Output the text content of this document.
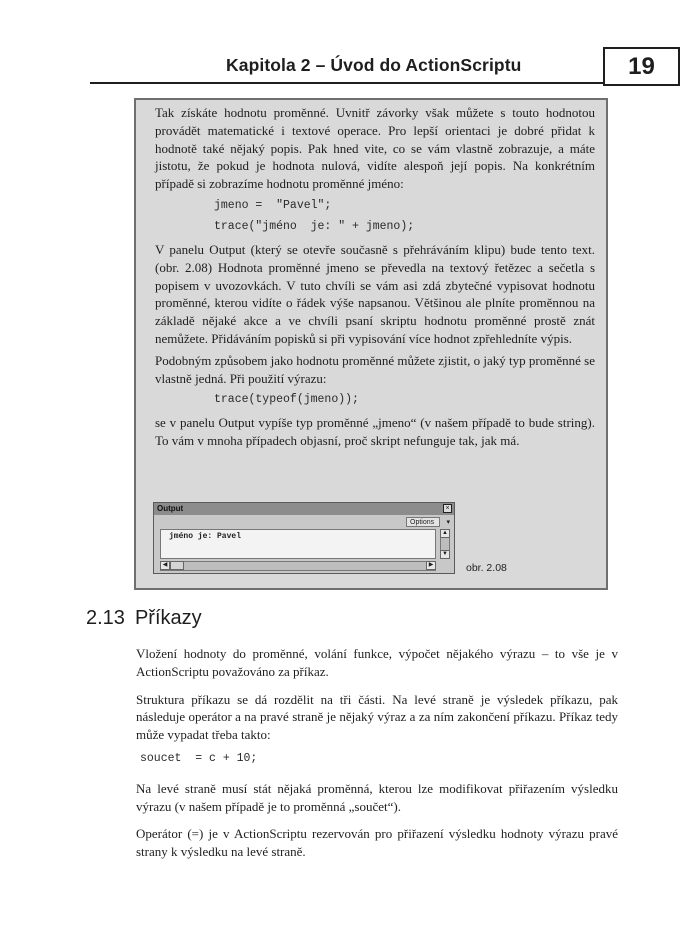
Kapitola 2 – Úvod do ActionScriptu	19

Tak získáte hodnotu proměnné. Uvnitř závorky však můžete s touto hodnotou provádět matematické i textové operace. Pro lepší orientaci je dobré přidat k hodnotě také nějaký popis. Pak hned vite, co se vám vlastně zobrazuje, a máte jistotu, že pokud je hodnota nulová, vidíte alespoň její popis. Na konkrétním případě si zobrazíme hodnotu proměnné jméno:

jmeno =  "Pavel";
trace("jméno  je: " + jmeno);

V panelu Output (který se otevře současně s přehráváním klipu) bude tento text. (obr. 2.08) Hodnota proměnné jmeno se převedla na textový řetězec a sečetla s popisem v uvozovkách. V tuto chvíli se vám asi zdá zbytečné vypisovat hodnotu proměnné, kterou vidíte o řádek výše napsanou. Většinou ale plníte proměnnou na základě nějaké akce a ve chvíli psaní skriptu hodnotu proměnné prostě znát nemůžete. Přidáváním popisků si při vypisování více hodnot zpřehledníte výpis.

Podobným způsobem jako hodnotu proměnné můžete zjistit, o jaký typ proměnné se vlastně jedná. Při použití výrazu:

trace(typeof(jmeno));

se v panelu Output vypíše typ proměnné „jmeno“ (v našem případě to bude string). To vám v mnoha případech objasní, proč skript nefunguje tak, jak má.

Output	×
Options	▾
jméno je: Pavel	▲
▼
◀	▶	obr. 2.08
2.13 Příkazy

Vložení hodnoty do proměnné, volání funkce, výpočet nějakého výrazu – to vše je v ActionScriptu považováno za příkaz.

Struktura příkazu se dá rozdělit na tři části. Na levé straně je výsledek příkazu, pak následuje operátor a na pravé straně je nějaký výraz a za ním zakončení příkazu. Příkaz tedy může vypadat třeba takto:

soucet  = c + 10;

Na levé straně musí stát nějaká proměnná, kterou lze modifikovat přiřazením výsledku výrazu (v našem případě je to proměnná „součet“).

Operátor (=) je v ActionScriptu rezervován pro přiřazení výsledku hodnoty výrazu pravé strany k výsledku na levé straně.
